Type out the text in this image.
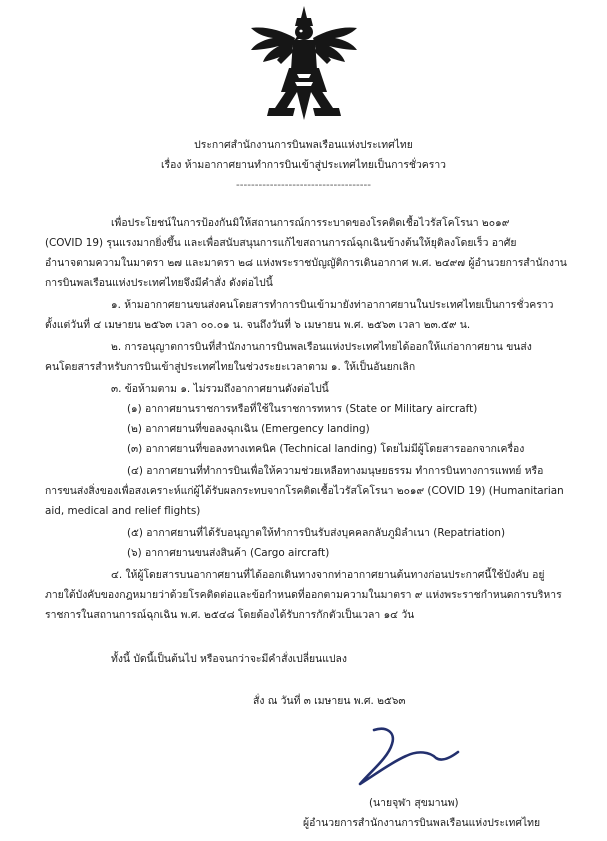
ประกาศสำนักงานการบินพลเรือนแห่งประเทศไทย
เรื่อง ห้ามอากาศยานทำการบินเข้าสู่ประเทศไทยเป็นการชั่วคราว
------------------------------------
เพื่อประโยชน์ในการป้องกันมิให้สถานการณ์การระบาดของโรคติดเชื้อไวรัสโคโรนา ๒๐๑๙
(COVID 19) รุนแรงมากยิ่งขึ้น และเพื่อสนับสนุนการแก้ไขสถานการณ์ฉุกเฉินข้างต้นให้ยุติลงโดยเร็ว อาศัย
อำนาจตามความในมาตรา ๒๗ และมาตรา ๒๘ แห่งพระราชบัญญัติการเดินอากาศ พ.ศ. ๒๔๙๗ ผู้อำนวยการสำนักงาน
การบินพลเรือนแห่งประเทศไทยจึงมีคำสั่ง ดังต่อไปนี้
๑. ห้ามอากาศยานขนส่งคนโดยสารทำการบินเข้ามายังท่าอากาศยานในประเทศไทยเป็นการชั่วคราว
ตั้งแต่วันที่ ๔ เมษายน ๒๕๖๓ เวลา ๐๐.๐๑ น. จนถึงวันที่ ๖ เมษายน พ.ศ. ๒๕๖๓ เวลา ๒๓.๕๙ น.
๒. การอนุญาตการบินที่สำนักงานการบินพลเรือนแห่งประเทศไทยได้ออกให้แก่อากาศยาน ขนส่ง
คนโดยสารสำหรับการบินเข้าสู่ประเทศไทยในช่วงระยะเวลาตาม ๑. ให้เป็นอันยกเลิก
๓. ข้อห้ามตาม ๑. ไม่รวมถึงอากาศยานดังต่อไปนี้
(๑) อากาศยานราชการหรือที่ใช้ในราชการทหาร (State or Military aircraft)
(๒) อากาศยานที่ขอลงฉุกเฉิน (Emergency landing)
(๓) อากาศยานที่ขอลงทางเทคนิค (Technical landing) โดยไม่มีผู้โดยสารออกจากเครื่อง
(๔) อากาศยานที่ทำการบินเพื่อให้ความช่วยเหลือทางมนุษยธรรม ทำการบินทางการแพทย์ หรือ
การขนส่งสิ่งของเพื่อสงเคราะห์แก่ผู้ได้รับผลกระทบจากโรคติดเชื้อไวรัสโคโรนา ๒๐๑๙ (COVID 19) (Humanitarian
aid, medical and relief flights)
(๕) อากาศยานที่ได้รับอนุญาตให้ทำการบินรับส่งบุคคลกลับภูมิลำเนา (Repatriation)
(๖) อากาศยานขนส่งสินค้า (Cargo aircraft)
๔. ให้ผู้โดยสารบนอากาศยานที่ได้ออกเดินทางจากท่าอากาศยานต้นทางก่อนประกาศนี้ใช้บังคับ อยู่
ภายใต้บังคับของกฎหมายว่าด้วยโรคติดต่อและข้อกำหนดที่ออกตามความในมาตรา ๙ แห่งพระราชกำหนดการบริหาร
ราชการในสถานการณ์ฉุกเฉิน พ.ศ. ๒๕๔๘ โดยต้องได้รับการกักตัวเป็นเวลา ๑๔ วัน
ทั้งนี้ บัดนี้เป็นต้นไป หรือจนกว่าจะมีคำสั่งเปลี่ยนแปลง
สั่ง ณ วันที่ ๓ เมษายน พ.ศ. ๒๕๖๓
(นายจุฬา สุขมานพ)
ผู้อำนวยการสำนักงานการบินพลเรือนแห่งประเทศไทย
